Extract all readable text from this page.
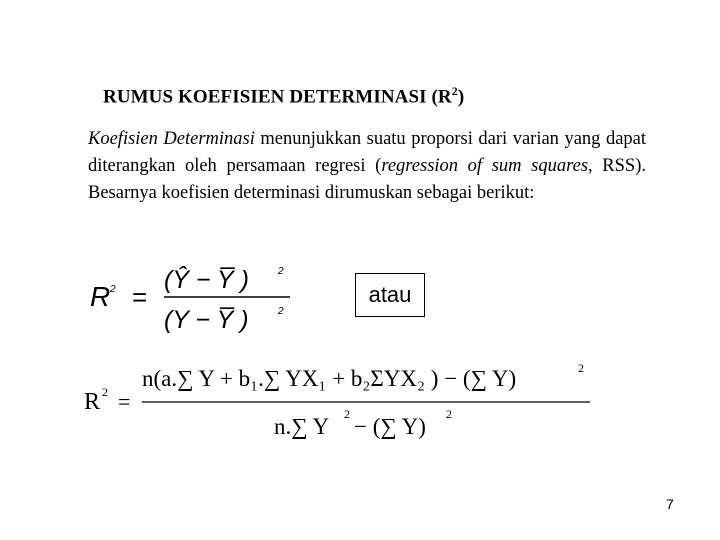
RUMUS KOEFISIEN DETERMINASI $(R^2)$
Koefisien Determinasi menunjukkan suatu proporsi dari varian yang dapat diterangkan oleh persamaan regresi (regression of sum squares, RSS). Besarnya koefisien determinasi dirumuskan sebagai berikut:
R 2 =
(Ŷ − Y̅ )	2
(Y − Y̅ )	2
atau
R 2 =
n(a.∑ Y + b₁.∑ YX₁ + b₂ΣYX₂ ) − (∑ Y)	2
n.∑ Y 2 − (∑ Y) 2
7
